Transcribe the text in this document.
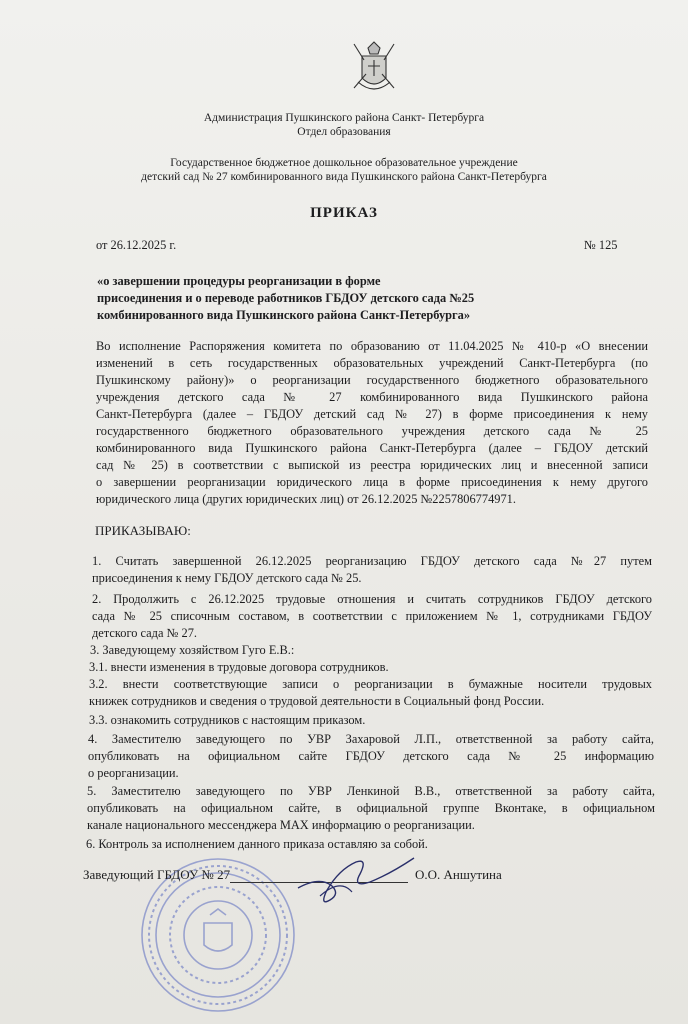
Администрация Пушкинского района Санкт- Петербурга
Отдел образования
Государственное бюджетное дошкольное образовательное учреждение
детский сад № 27 комбинированного вида Пушкинского района Санкт-Петербурга
ПРИКАЗ
от 26.12.2025 г.	№ 125
«о завершении процедуры реорганизации в форме
присоединения и о переводе работников ГБДОУ детского сада №25
комбинированного вида Пушкинского района Санкт-Петербурга»
Во исполнение Распоряжения комитета по образованию от 11.04.2025 № 410-р «О внесении
изменений в сеть государственных образовательных учреждений Санкт-Петербурга (по
Пушкинскому району)» о реорганизации государственного бюджетного образовательного
учреждения детского сада № 27 комбинированного вида Пушкинского района
Санкт-Петербурга (далее – ГБДОУ детский сад № 27) в форме присоединения к нему
государственного бюджетного образовательного учреждения детского сада № 25
комбинированного вида Пушкинского района Санкт-Петербурга (далее – ГБДОУ детский
сад № 25) в соответствии с выпиской из реестра юридических лиц и внесенной записи
о завершении реорганизации юридического лица в форме присоединения к нему другого
юридического лица (других юридических лиц) от 26.12.2025 №2257806774971.
ПРИКАЗЫВАЮ:
1. Считать завершенной 26.12.2025 реорганизацию ГБДОУ детского сада №27 путем
присоединения к нему ГБДОУ детского сада № 25.
2. Продолжить с 26.12.2025 трудовые отношения и считать сотрудников ГБДОУ детского
сада № 25 списочным составом, в соответствии с приложением № 1, сотрудниками ГБДОУ
детского сада № 27.
3. Заведующему хозяйством Гуго Е.В.:
3.1. внести изменения в трудовые договора сотрудников.
3.2. внести соответствующие записи о реорганизации в бумажные носители трудовых
книжек сотрудников и сведения о трудовой деятельности в Социальный фонд России.
3.3. ознакомить сотрудников с настоящим приказом.
4. Заместителю заведующего по УВР Захаровой Л.П., ответственной за работу сайта,
опубликовать на официальном сайте ГБДОУ детского сада № 25 информацию
о реорганизации.
5. Заместителю заведующего по УВР Ленкиной В.В., ответственной за работу сайта,
опубликовать на официальном сайте, в официальной группе Вконтаке, в официальном
канале национального мессенджера MAX информацию о реорганизации.
6. Контроль за исполнением данного приказа оставляю за собой.
Заведующий ГБДОУ № 27	О.О. Аншутина
